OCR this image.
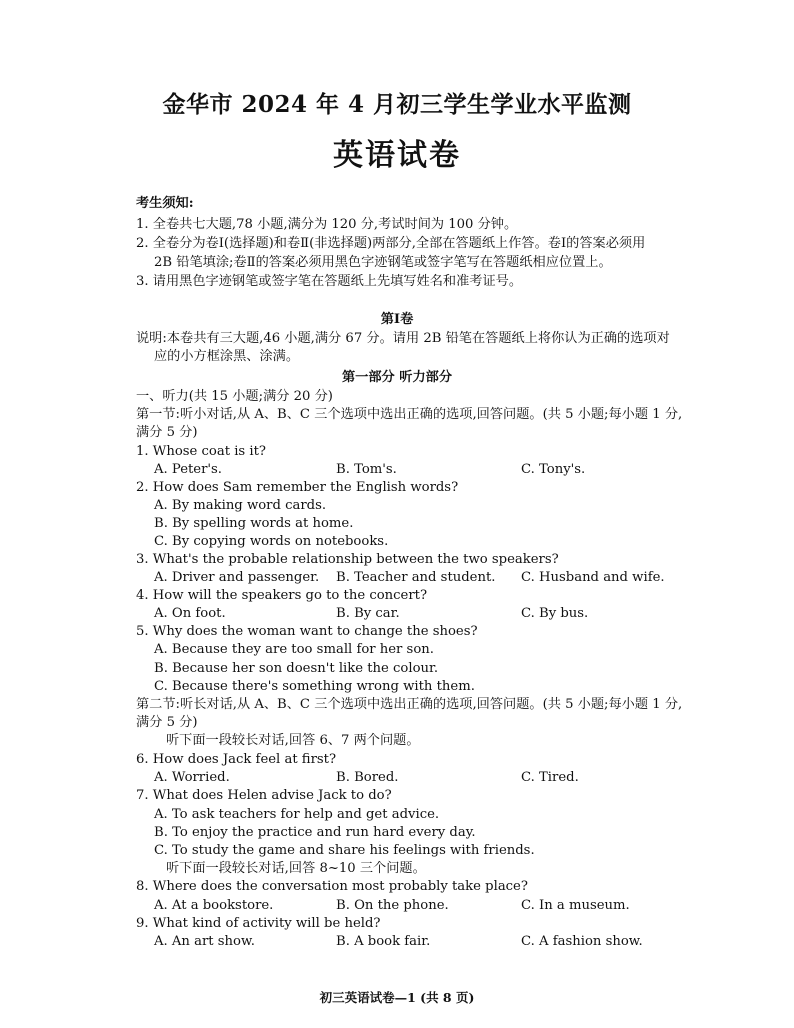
金华市 2024 年 4 月初三学生学业水平监测
英语试卷
考生须知:
1. 全卷共七大题,78 小题,满分为 120 分,考试时间为 100 分钟。
2. 全卷分为卷Ⅰ(选择题)和卷Ⅱ(非选择题)两部分,全部在答题纸上作答。卷Ⅰ的答案必须用
2B 铅笔填涂;卷Ⅱ的答案必须用黑色字迹钢笔或签字笔写在答题纸相应位置上。
3. 请用黑色字迹钢笔或签字笔在答题纸上先填写姓名和准考证号。
第Ⅰ卷
说明:本卷共有三大题,46 小题,满分 67 分。请用 2B 铅笔在答题纸上将你认为正确的选项对
应的小方框涂黑、涂满。
第一部分 听力部分
一、听力(共 15 小题;满分 20 分)
第一节:听小对话,从 A、B、C 三个选项中选出正确的选项,回答问题。(共 5 小题;每小题 1 分,
满分 5 分)
1. Whose coat is it?
A. Peter's.	B. Tom's.	C. Tony's.
2. How does Sam remember the English words?
A. By making word cards.
B. By spelling words at home.
C. By copying words on notebooks.
3. What's the probable relationship between the two speakers?
A. Driver and passenger. B. Teacher and student. C. Husband and wife.
4. How will the speakers go to the concert?
A. On foot.	B. By car.	C. By bus.
5. Why does the woman want to change the shoes?
A. Because they are too small for her son.
B. Because her son doesn't like the colour.
C. Because there's something wrong with them.
第二节:听长对话,从 A、B、C 三个选项中选出正确的选项,回答问题。(共 5 小题;每小题 1 分,
满分 5 分)
听下面一段较长对话,回答 6、7 两个问题。
6. How does Jack feel at first?
A. Worried.	B. Bored.	C. Tired.
7. What does Helen advise Jack to do?
A. To ask teachers for help and get advice.
B. To enjoy the practice and run hard every day.
C. To study the game and share his feelings with friends.
听下面一段较长对话,回答 8~10 三个问题。
8. Where does the conversation most probably take place?
A. At a bookstore.	B. On the phone.	C. In a museum.
9. What kind of activity will be held?
A. An art show.	B. A book fair.	C. A fashion show.
初三英语试卷—1 (共 8 页)
